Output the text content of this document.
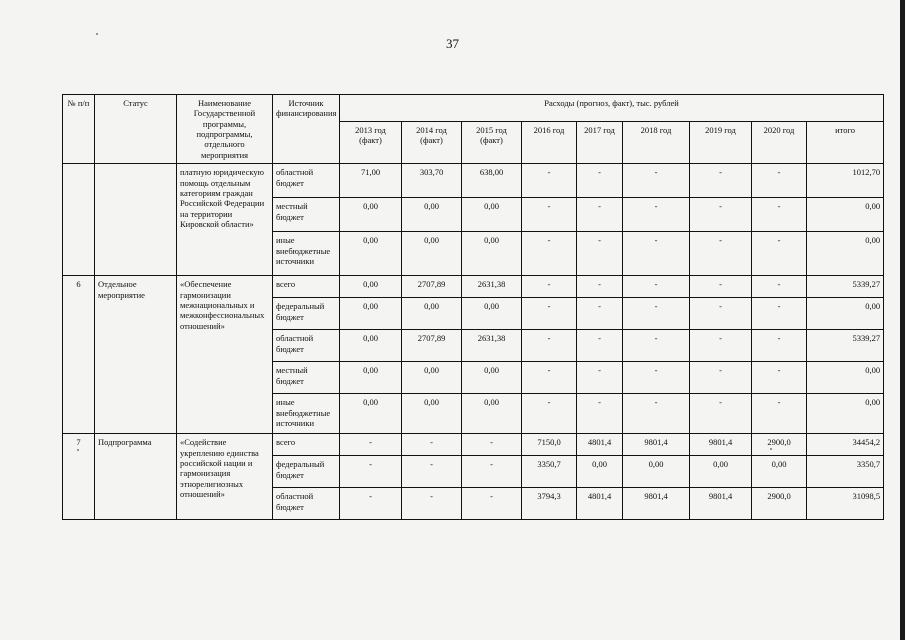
37
№ п/п	Статус	Наименование Государственной программы, подпрограммы, отдельного мероприятия	Источник финансирования	Расходы (прогноз, факт), тыс. рублей								
				2013 год (факт)	2014 год (факт)	2015 год (факт)	2016 год	2017 год	2018 год	2019 год	2020 год	итого
		платную юридическую помощь отдельным категориям граждан Российской Федерации на территории Кировской области»	областной бюджет	71,00	303,70	638,00	-	-	-	-	-	1012,70
			местный бюджет	0,00	0,00	0,00	-	-	-	-	-	0,00
			иные внебюджетные источники	0,00	0,00	0,00	-	-	-	-	-	0,00
6	Отдельное мероприятие	«Обеспечение гармонизации межнациональных и межконфессиональных отношений»	всего	0,00	2707,89	2631,38	-	-	-	-	-	5339,27
			федеральный бюджет	0,00	0,00	0,00	-	-	-	-	-	0,00
			областной бюджет	0,00	2707,89	2631,38	-	-	-	-	-	5339,27
			местный бюджет	0,00	0,00	0,00	-	-	-	-	-	0,00
			иные внебюджетные источники	0,00	0,00	0,00	-	-	-	-	-	0,00
7	Подпрограмма	«Содействие укреплению единства российской нации и гармонизация этнорелигиозных отношений»	всего	-	-	-	7150,0	4801,4	9801,4	9801,4	2900,0	34454,2
			федеральный бюджет	-	-	-	3350,7	0,00	0,00	0,00	0,00	3350,7
			областной бюджет	-	-	-	3794,3	4801,4	9801,4	9801,4	2900,0	31098,5
